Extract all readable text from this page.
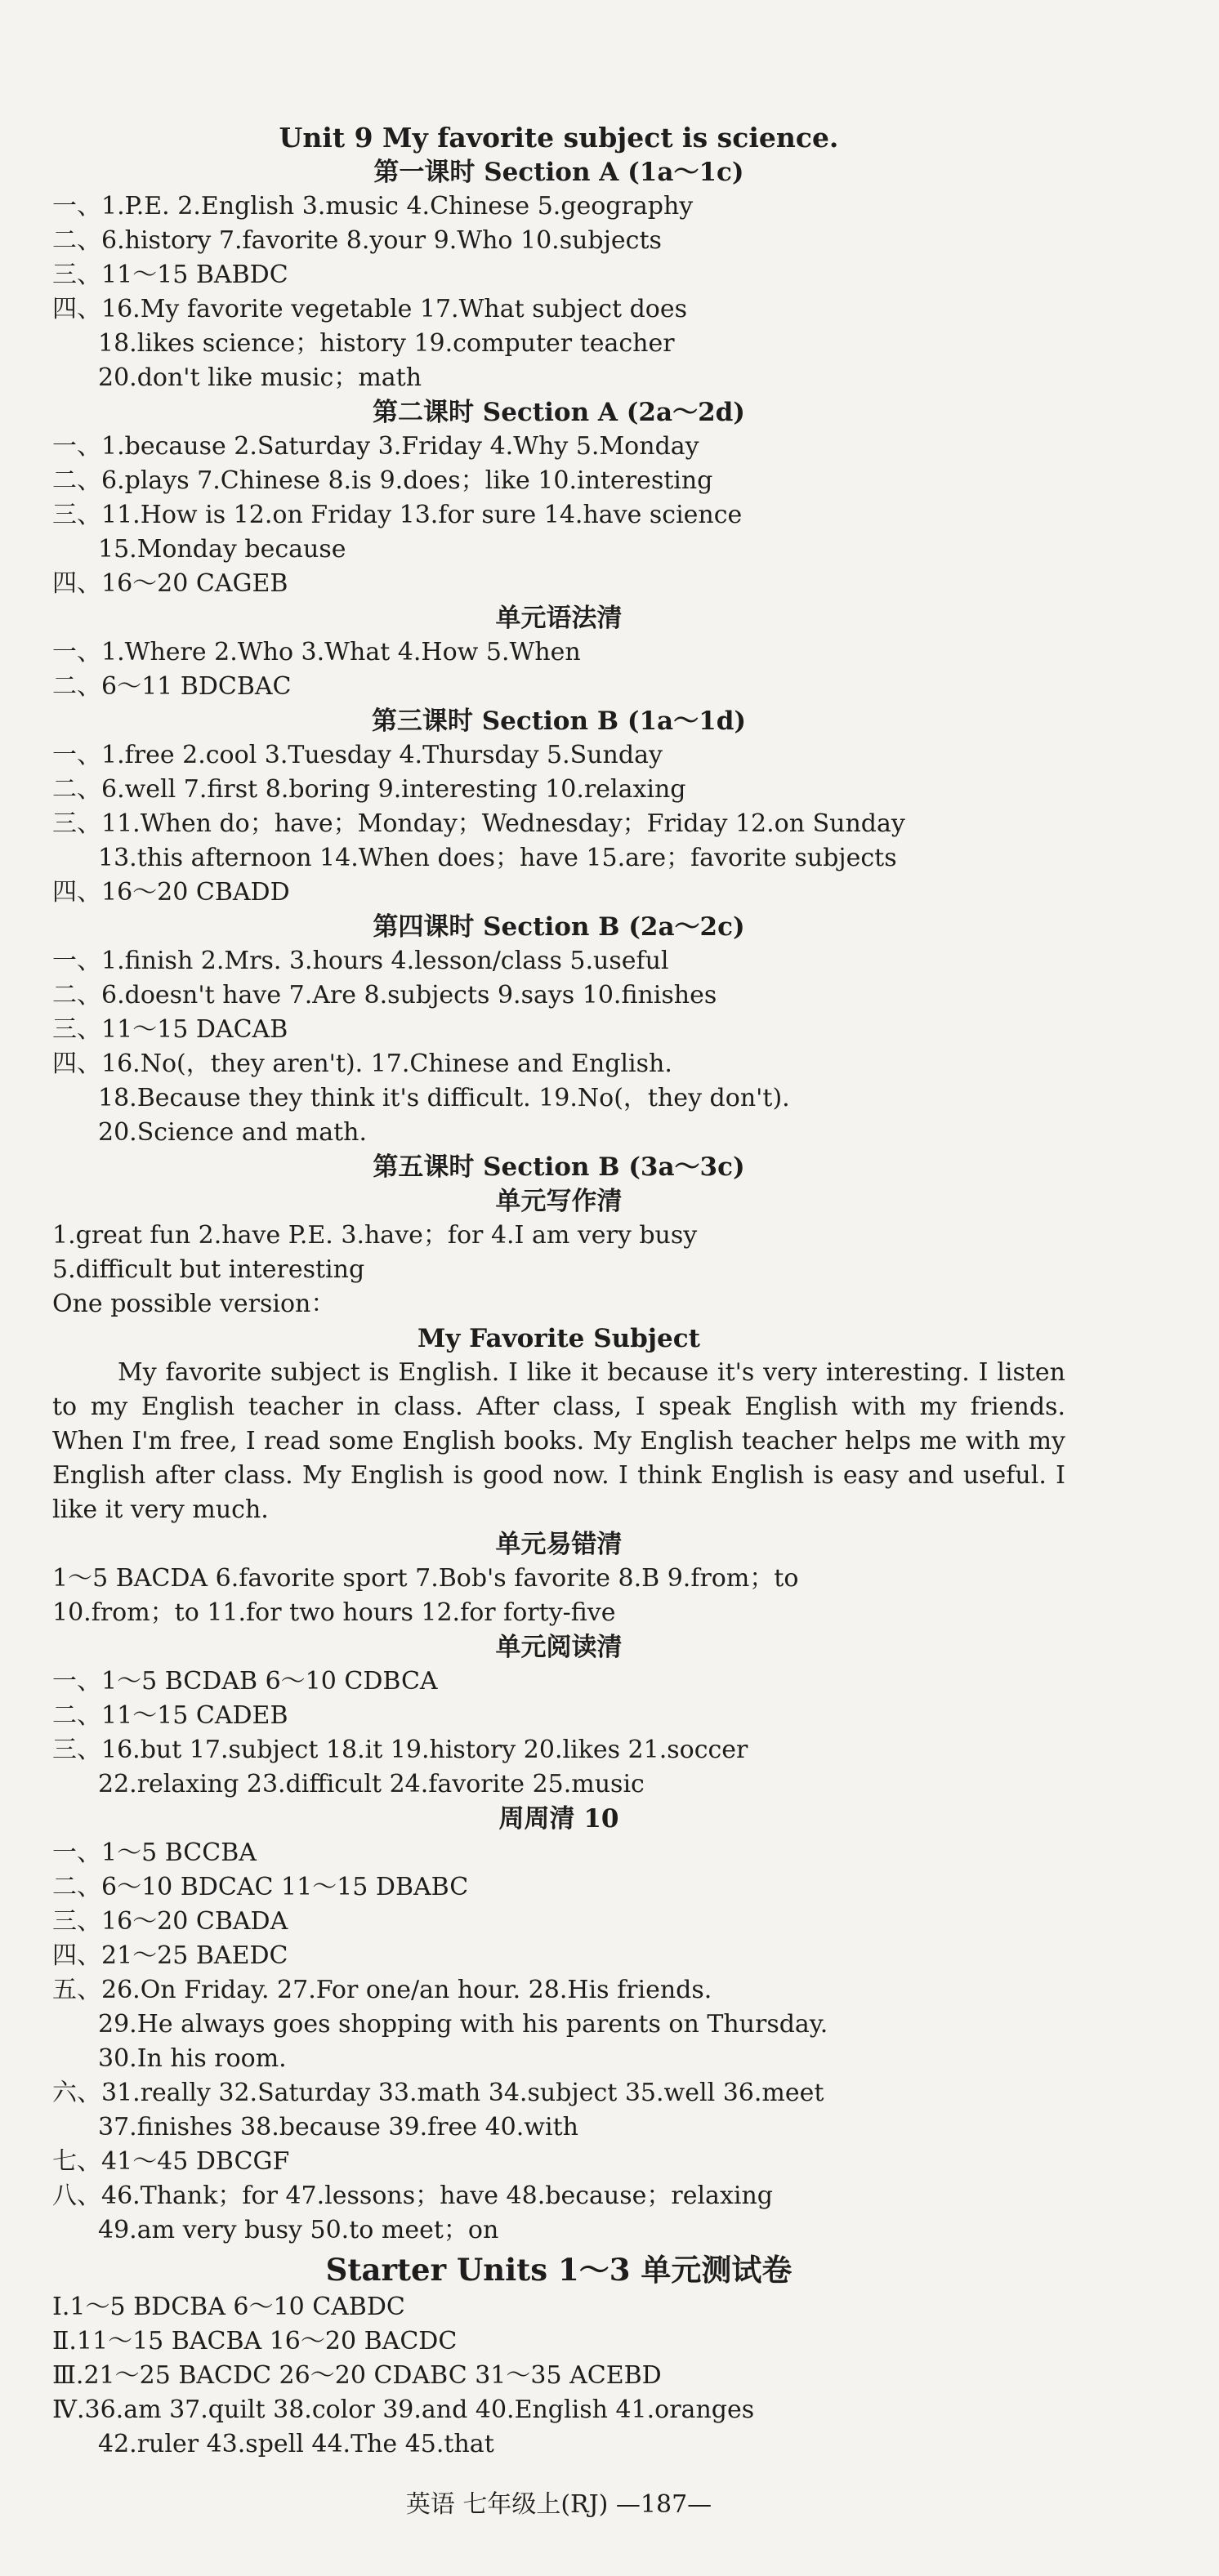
Unit 9 My favorite subject is science.
第一课时 Section A (1a～1c)
一、1.P.E. 2.English 3.music 4.Chinese 5.geography
二、6.history 7.favorite 8.your 9.Who 10.subjects
三、11～15 BABDC
四、16.My favorite vegetable 17.What subject does
18.likes science；history 19.computer teacher
20.don't like music；math
第二课时 Section A (2a～2d)
一、1.because 2.Saturday 3.Friday 4.Why 5.Monday
二、6.plays 7.Chinese 8.is 9.does；like 10.interesting
三、11.How is 12.on Friday 13.for sure 14.have science
15.Monday because
四、16～20 CAGEB
单元语法清
一、1.Where 2.Who 3.What 4.How 5.When
二、6～11 BDCBAC
第三课时 Section B (1a～1d)
一、1.free 2.cool 3.Tuesday 4.Thursday 5.Sunday
二、6.well 7.first 8.boring 9.interesting 10.relaxing
三、11.When do；have；Monday；Wednesday；Friday 12.on Sunday
13.this afternoon 14.When does；have 15.are；favorite subjects
四、16～20 CBADD
第四课时 Section B (2a～2c)
一、1.finish 2.Mrs. 3.hours 4.lesson/class 5.useful
二、6.doesn't have 7.Are 8.subjects 9.says 10.finishes
三、11～15 DACAB
四、16.No(，they aren't). 17.Chinese and English.
18.Because they think it's difficult. 19.No(，they don't).
20.Science and math.
第五课时 Section B (3a～3c)
单元写作清
1.great fun 2.have P.E. 3.have；for 4.I am very busy
5.difficult but interesting
One possible version：
My Favorite Subject
My favorite subject is English. I like it because it's very interesting. I listen to my English teacher in class. After class, I speak English with my friends. When I'm free, I read some English books. My English teacher helps me with my English after class. My English is good now. I think English is easy and useful. I like it very much.
单元易错清
1～5 BACDA 6.favorite sport 7.Bob's favorite 8.B 9.from；to
10.from；to 11.for two hours 12.for forty-five
单元阅读清
一、1～5 BCDAB 6～10 CDBCA
二、11～15 CADEB
三、16.but 17.subject 18.it 19.history 20.likes 21.soccer
22.relaxing 23.difficult 24.favorite 25.music
周周清 10
一、1～5 BCCBA
二、6～10 BDCAC 11～15 DBABC
三、16～20 CBADA
四、21～25 BAEDC
五、26.On Friday. 27.For one/an hour. 28.His friends.
29.He always goes shopping with his parents on Thursday.
30.In his room.
六、31.really 32.Saturday 33.math 34.subject 35.well 36.meet
37.finishes 38.because 39.free 40.with
七、41～45 DBCGF
八、46.Thank；for 47.lessons；have 48.because；relaxing
49.am very busy 50.to meet；on
Starter Units 1～3 单元测试卷
Ⅰ.1～5 BDCBA 6～10 CABDC
Ⅱ.11～15 BACBA 16～20 BACDC
Ⅲ.21～25 BACDC 26～20 CDABC 31～35 ACEBD
Ⅳ.36.am 37.quilt 38.color 39.and 40.English 41.oranges
42.ruler 43.spell 44.The 45.that
英语 七年级上(RJ) —187—
